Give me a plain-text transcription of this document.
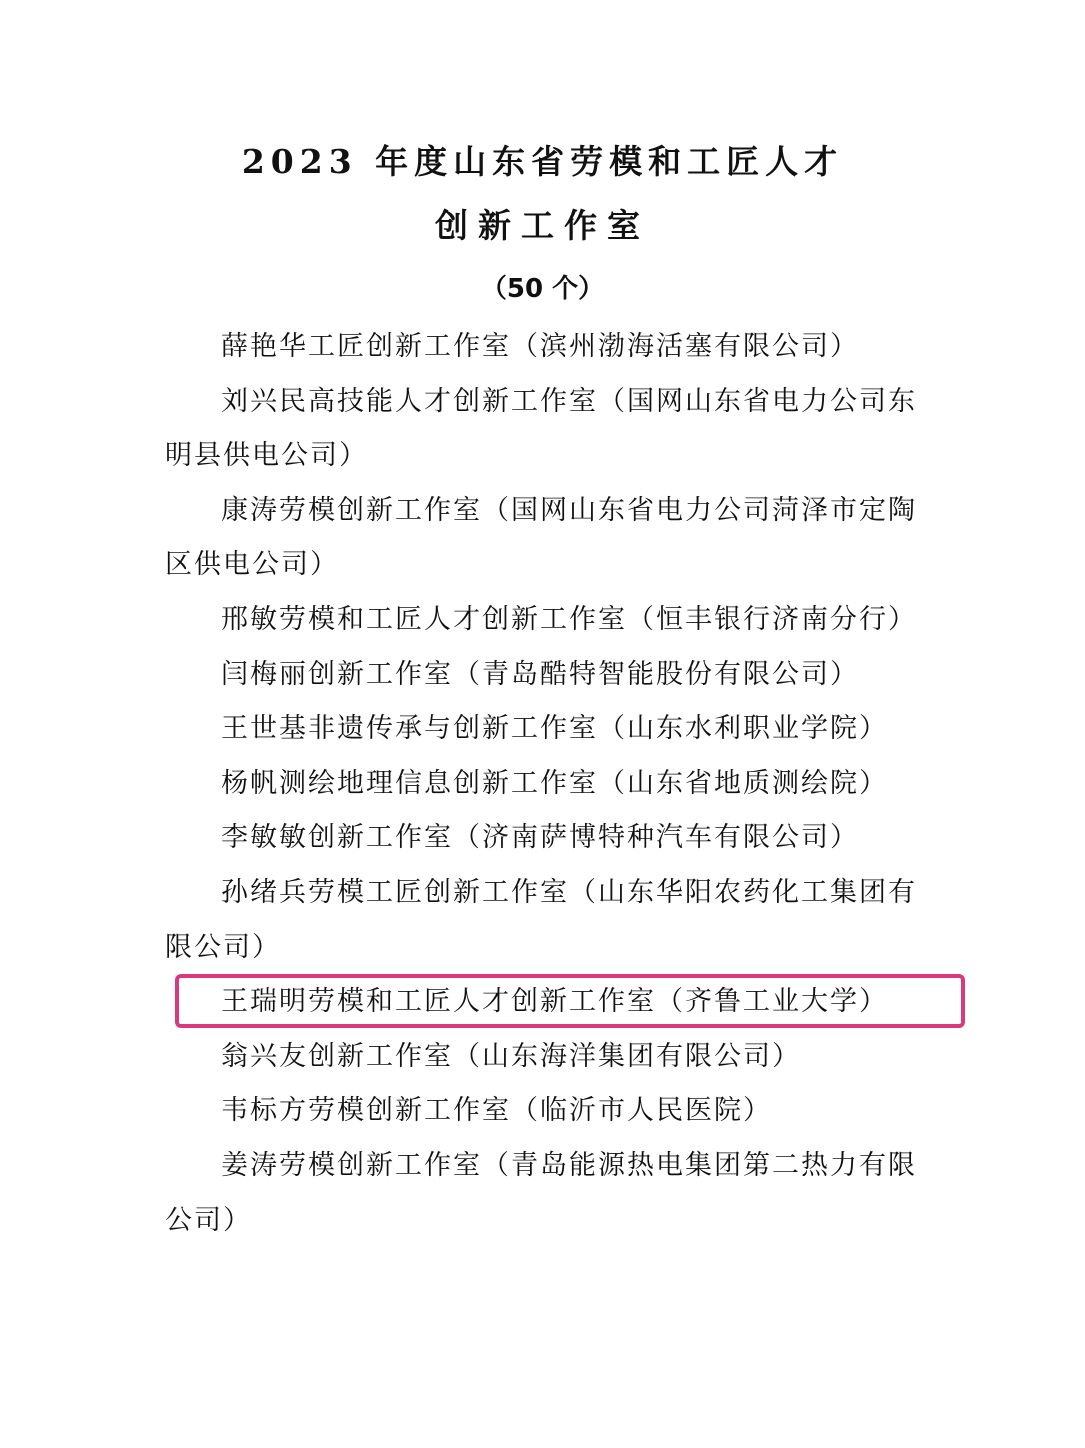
2023 年度山东省劳模和工匠人才
创新工作室
（50 个）
薛艳华工匠创新工作室（滨州渤海活塞有限公司）
刘兴民高技能人才创新工作室（国网山东省电力公司东明县供电公司）
康涛劳模创新工作室（国网山东省电力公司菏泽市定陶区供电公司）
邢敏劳模和工匠人才创新工作室（恒丰银行济南分行）
闫梅丽创新工作室（青岛酷特智能股份有限公司）
王世基非遗传承与创新工作室（山东水利职业学院）
杨帆测绘地理信息创新工作室（山东省地质测绘院）
李敏敏创新工作室（济南萨博特种汽车有限公司）
孙绪兵劳模工匠创新工作室（山东华阳农药化工集团有限公司）
王瑞明劳模和工匠人才创新工作室（齐鲁工业大学）
翁兴友创新工作室（山东海洋集团有限公司）
韦标方劳模创新工作室（临沂市人民医院）
姜涛劳模创新工作室（青岛能源热电集团第二热力有限公司）
